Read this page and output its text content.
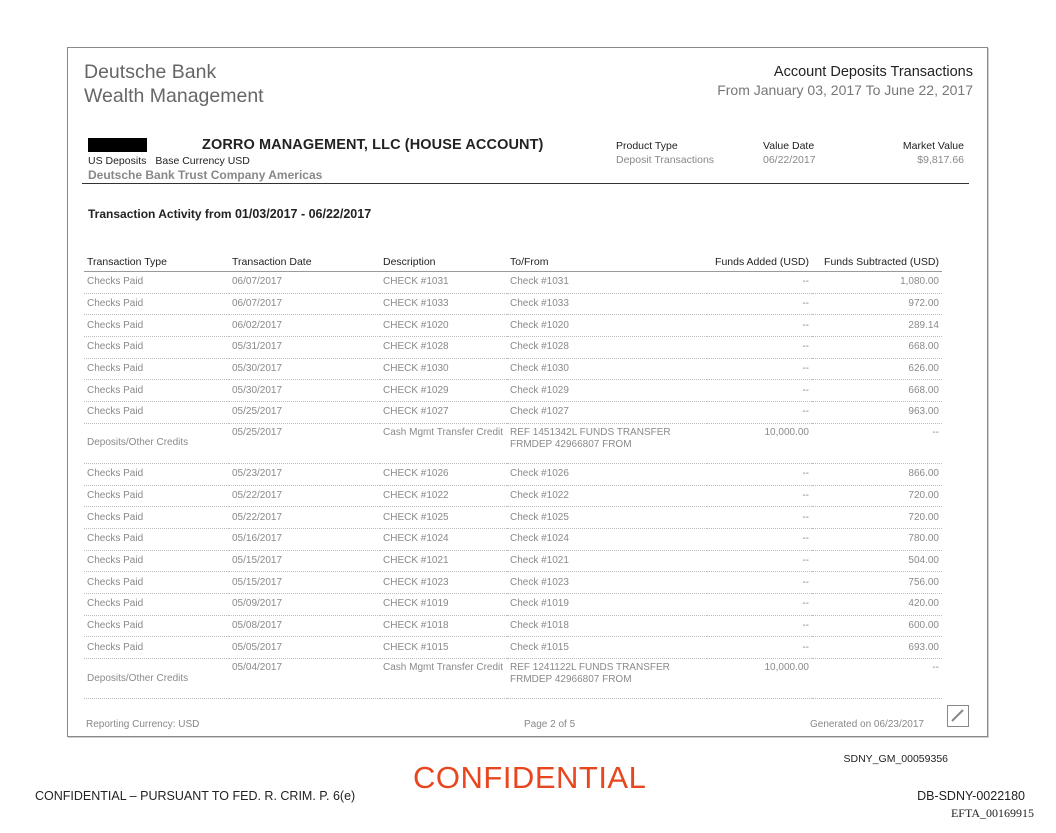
Deutsche Bank
Wealth Management
Account Deposits Transactions
From January 03, 2017 To June 22, 2017
ZORRO MANAGEMENT, LLC (HOUSE ACCOUNT)
US Deposits Base Currency USD
Deutsche Bank Trust Company Americas
Product Type
Deposit Transactions
Value Date
06/22/2017
Market Value
$9,817.66
Transaction Activity from 01/03/2017 - 06/22/2017
Transaction Type	Transaction Date	Description	To/From	Funds Added (USD)	Funds Subtracted (USD)
Checks Paid	06/07/2017	CHECK #1031	Check #1031	--	1,080.00
Checks Paid	06/07/2017	CHECK #1033	Check #1033	--	972.00
Checks Paid	06/02/2017	CHECK #1020	Check #1020	--	289.14
Checks Paid	05/31/2017	CHECK #1028	Check #1028	--	668.00
Checks Paid	05/30/2017	CHECK #1030	Check #1030	--	626.00
Checks Paid	05/30/2017	CHECK #1029	Check #1029	--	668.00
Checks Paid	05/25/2017	CHECK #1027	Check #1027	--	963.00
Deposits/Other Credits	05/25/2017	Cash Mgmt Transfer Credit	REF 1451342L FUNDS TRANSFER FRMDEP 42966807 FROM	10,000.00	--
Checks Paid	05/23/2017	CHECK #1026	Check #1026	--	866.00
Checks Paid	05/22/2017	CHECK #1022	Check #1022	--	720.00
Checks Paid	05/22/2017	CHECK #1025	Check #1025	--	720.00
Checks Paid	05/16/2017	CHECK #1024	Check #1024	--	780.00
Checks Paid	05/15/2017	CHECK #1021	Check #1021	--	504.00
Checks Paid	05/15/2017	CHECK #1023	Check #1023	--	756.00
Checks Paid	05/09/2017	CHECK #1019	Check #1019	--	420.00
Checks Paid	05/08/2017	CHECK #1018	Check #1018	--	600.00
Checks Paid	05/05/2017	CHECK #1015	Check #1015	--	693.00
Deposits/Other Credits	05/04/2017	Cash Mgmt Transfer Credit	REF 1241122L FUNDS TRANSFER FRMDEP 42966807 FROM	10,000.00	--
Reporting Currency: USD	Page 2 of 5	Generated on 06/23/2017
SDNY_GM_00059356
CONFIDENTIAL – PURSUANT TO FED. R. CRIM. P. 6(e)
CONFIDENTIAL
DB-SDNY-0022180
EFTA_00169915
